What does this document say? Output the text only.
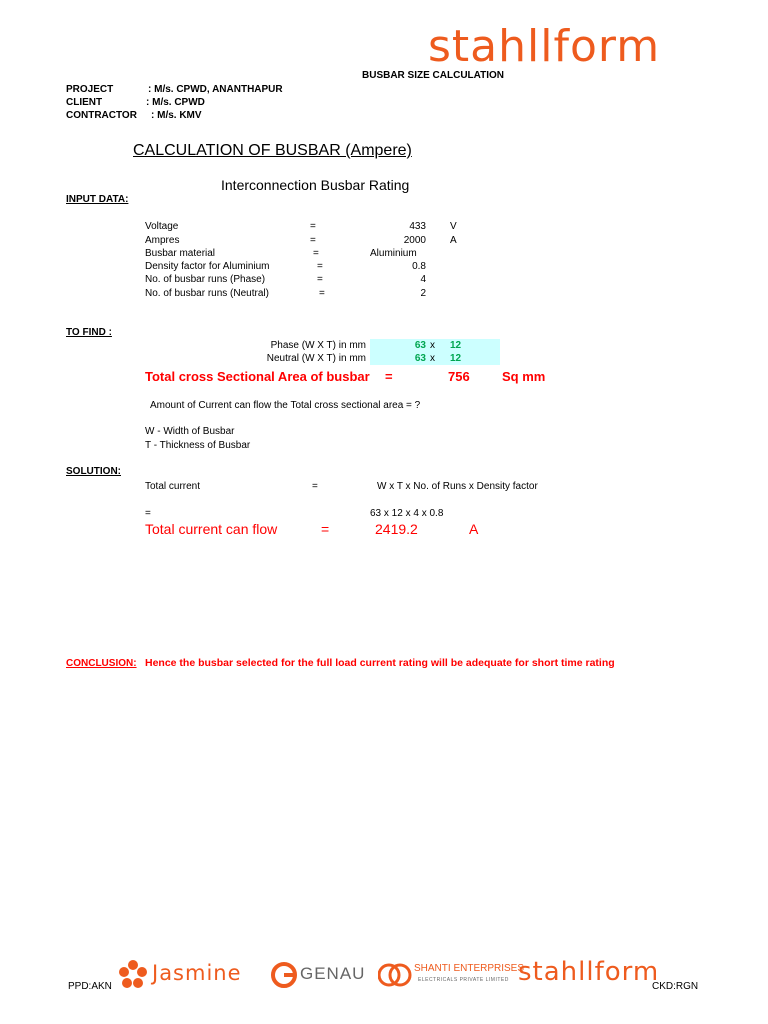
stahllform
BUSBAR SIZE CALCULATION
PROJECT	: M/s. CPWD, ANANTHAPUR
CLIENT	: M/s. CPWD
CONTRACTOR : M/s. KMV
CALCULATION OF BUSBAR (Ampere)
Interconnection Busbar Rating
INPUT DATA:
Voltage	=	433 V
Ampres	=	2000 A
Busbar material	=	Aluminium
Density factor for Aluminium	=	0.8
No. of busbar runs (Phase)	=	4
No. of busbar runs (Neutral)	=	2
TO FIND :
Phase (W X T) in mm	63 x 12
Neutral (W X T) in mm	63 x 12
Total cross Sectional Area of busbar =	756 Sq mm
Amount of Current can flow the Total cross sectional area = ?
W - Width of Busbar
T - Thickness of Busbar
SOLUTION:
Total current	=	W x T x No. of Runs x Density factor
=	63 x 12 x 4 x 0.8
Total current can flow	=	2419.2	A
CONCLUSION: Hence the busbar selected for the full load current rating will be adequate for short time rating
PPD:AKN
Jasmine	GENAU	SHANTI ENTERPRISES
ELECTRICALS PRIVATE LIMITED stahllform
CKD:RGN
